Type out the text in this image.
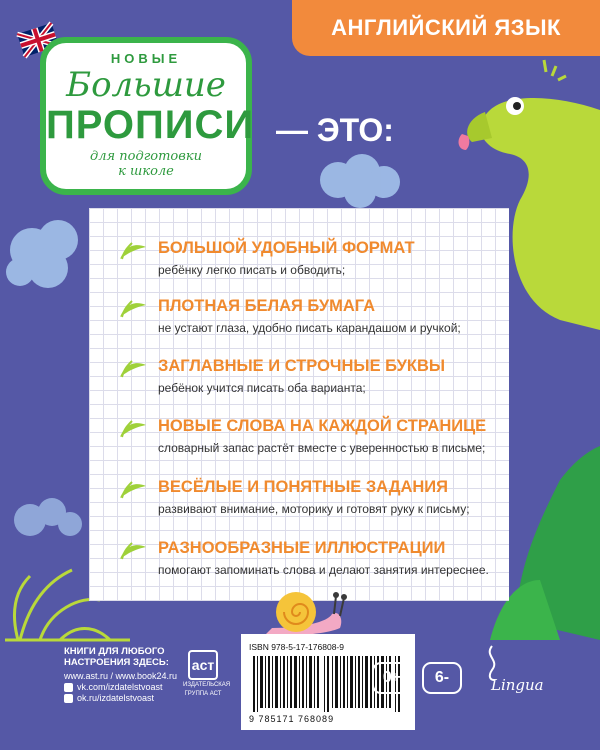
АНГЛИЙСКИЙ ЯЗЫК
НОВЫЕ
Большие
ПРОПИСИ
для подготовки
к школе
— ЭТО:
БОЛЬШОЙ УДОБНЫЙ ФОРМАТ
ребёнку легко писать и обводить;
ПЛОТНАЯ БЕЛАЯ БУМАГА
не устают глаза, удобно писать карандашом и ручкой;
ЗАГЛАВНЫЕ И СТРОЧНЫЕ БУКВЫ
ребёнок учится писать оба варианта;
НОВЫЕ СЛОВА НА КАЖДОЙ СТРАНИЦЕ
словарный запас растёт вместе с уверенностью в письме;
ВЕСЁЛЫЕ И ПОНЯТНЫЕ ЗАДАНИЯ
развивают внимание, моторику и готовят руку к письму;
РАЗНООБРАЗНЫЕ ИЛЛЮСТРАЦИИ
помогают запоминать слова и делают занятия интереснее.
КНИГИ ДЛЯ ЛЮБОГО
НАСТРОЕНИЯ ЗДЕСЬ:
www.ast.ru / www.book24.ru
vk.com/izdatelstvoast
ok.ru/izdatelstvoast
аст
ИЗДАТЕЛЬСКАЯ
ГРУППА АСТ
ISBN 978-5-17-176808-9
9 785171 768089
0+	6-	Lingua
